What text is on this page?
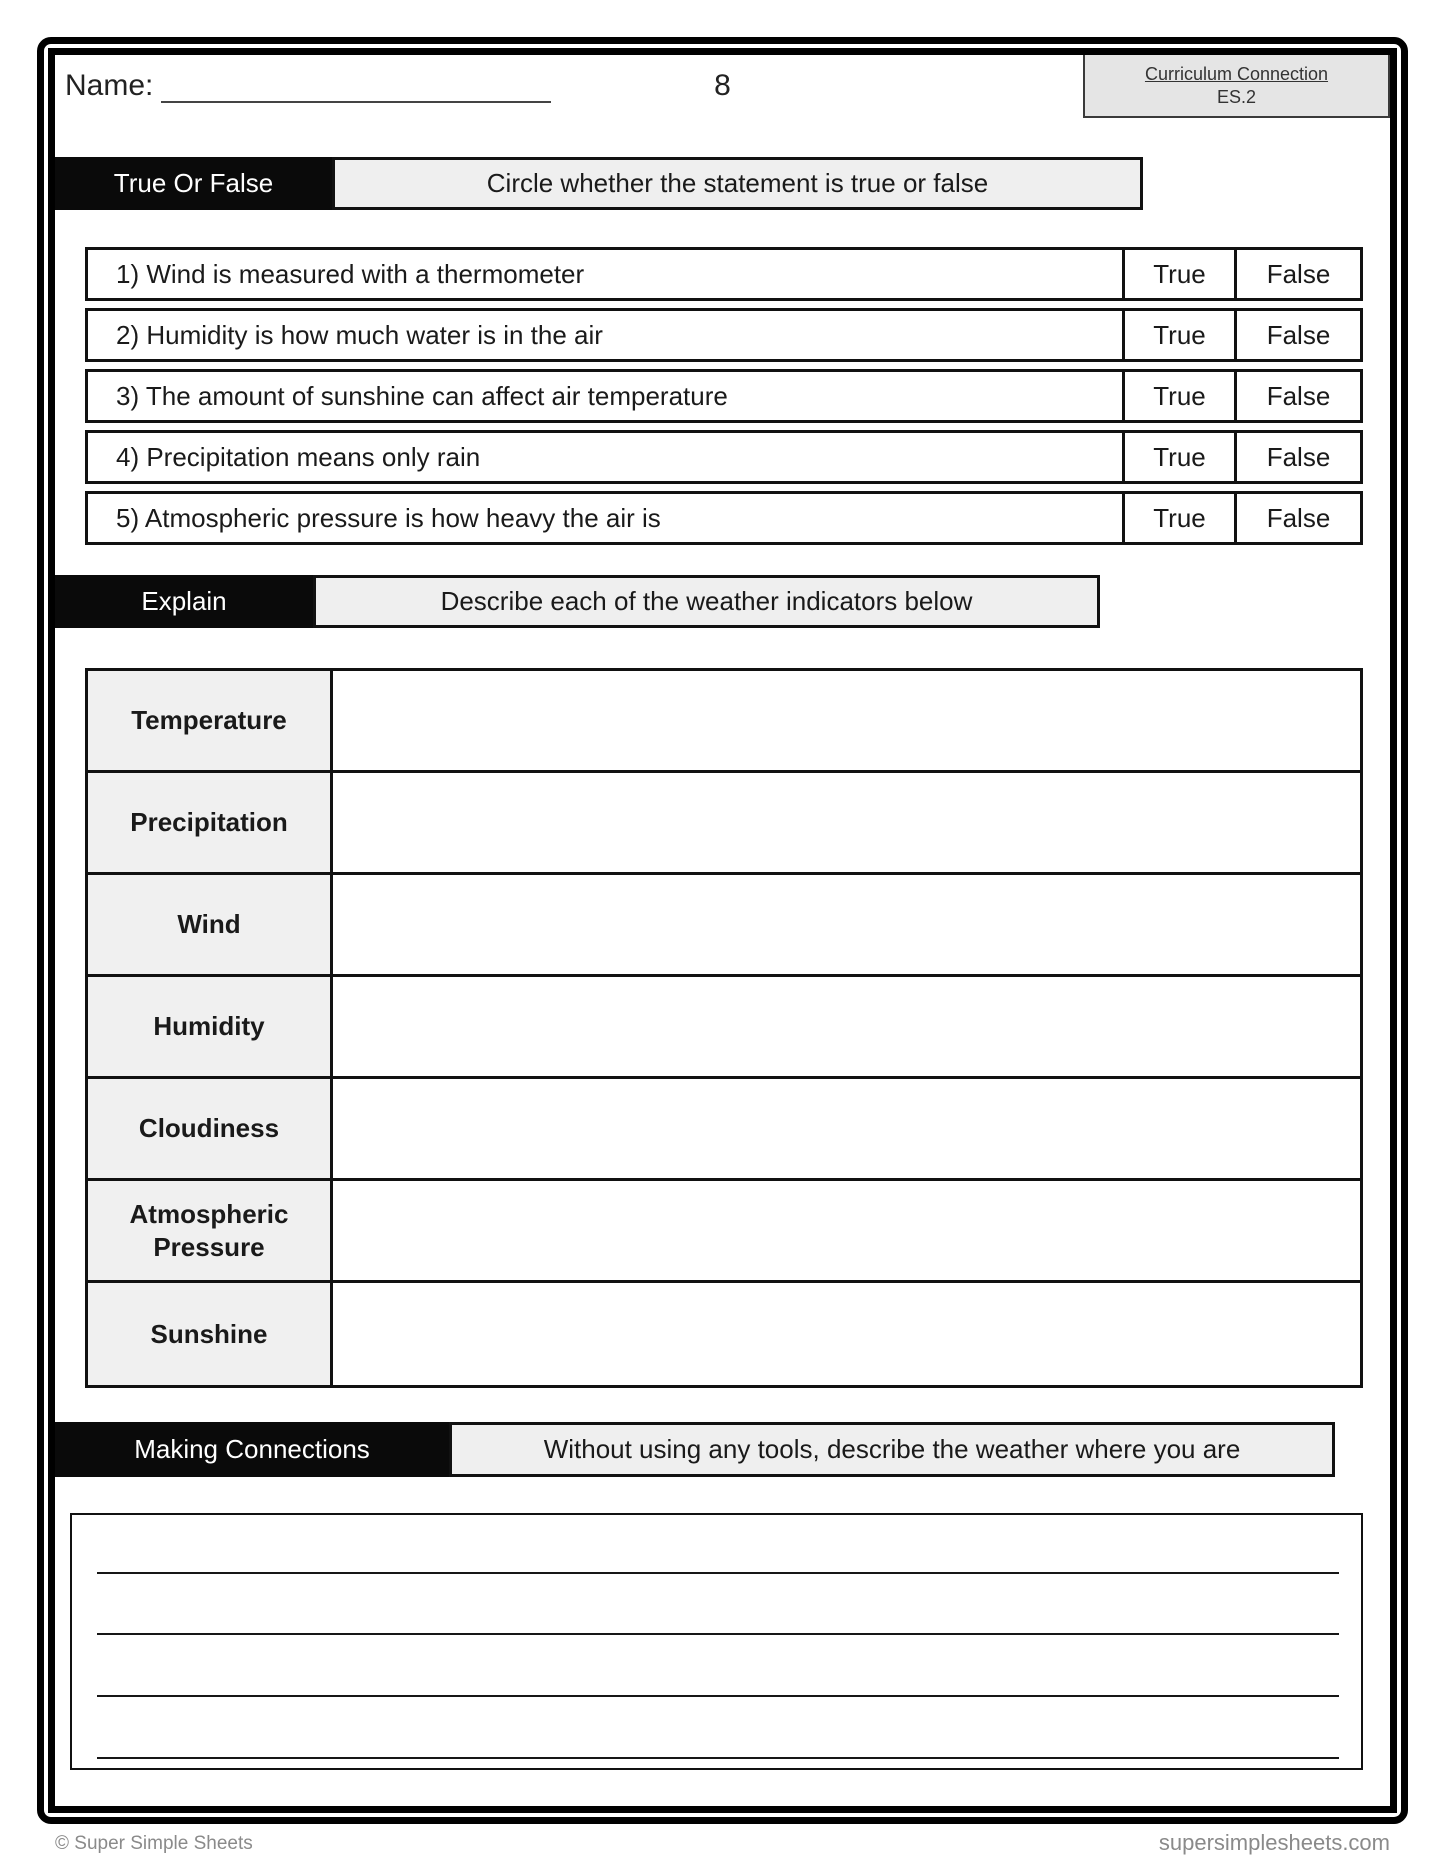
Name:	8	Curriculum Connection
ES.2
True Or False	Circle whether the statement is true or false
1) Wind is measured with a thermometer	True	False
2) Humidity is how much water is in the air	True	False
3) The amount of sunshine can affect air temperature	True	False
4) Precipitation means only rain	True	False
5) Atmospheric pressure is how heavy the air is	True	False
Explain	Describe each of the weather indicators below
Temperature
Precipitation
Wind
Humidity
Cloudiness
Atmospheric Pressure
Sunshine
Making Connections	Without using any tools, describe the weather where you are
© Super Simple Sheets	supersimplesheets.com
